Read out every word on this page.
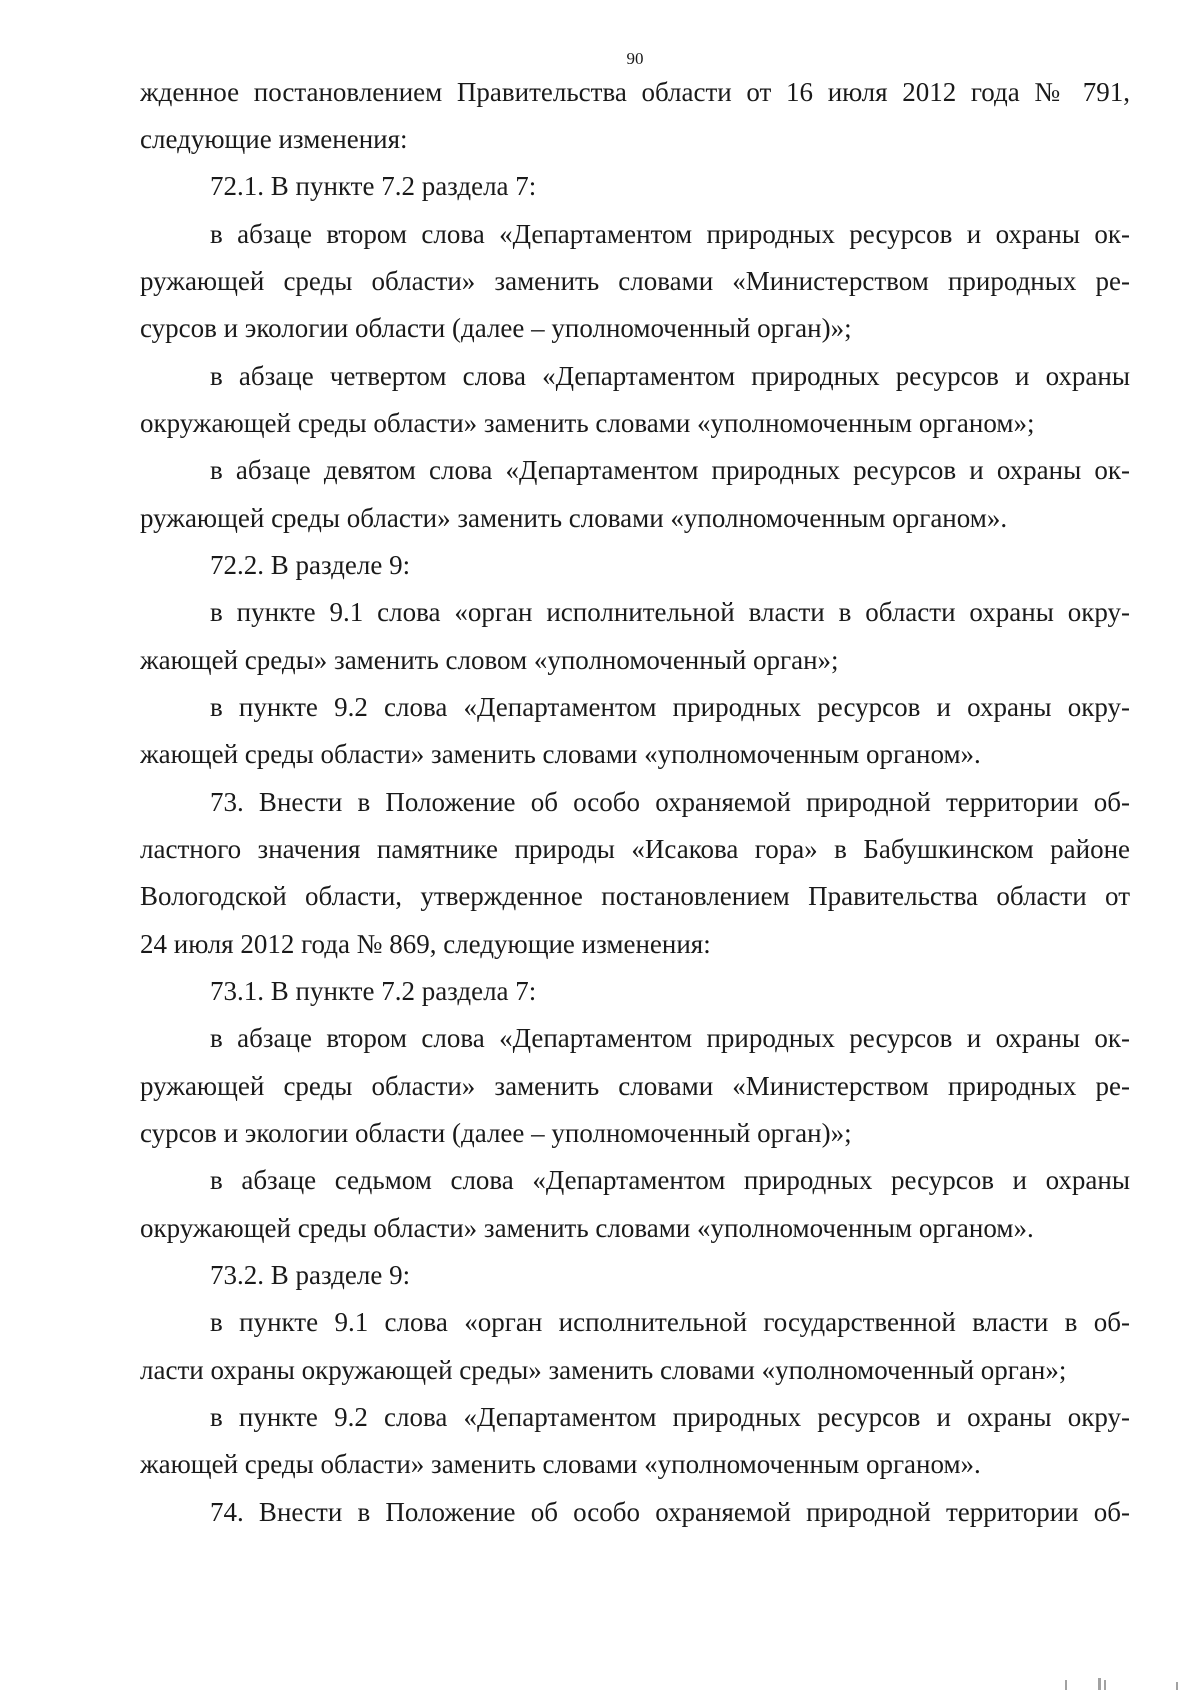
90
жденное постановлением Правительства области от 16 июля 2012 года № 791,
следующие изменения:
72.1. В пункте 7.2 раздела 7:
в абзаце втором слова «Департаментом природных ресурсов и охраны ок-
ружающей среды области» заменить словами «Министерством природных ре-
сурсов и экологии области (далее – уполномоченный орган)»;
в абзаце четвертом слова «Департаментом природных ресурсов и охраны
окружающей среды области» заменить словами «уполномоченным органом»;
в абзаце девятом слова «Департаментом природных ресурсов и охраны ок-
ружающей среды области» заменить словами «уполномоченным органом».
72.2. В разделе 9:
в пункте 9.1 слова «орган исполнительной власти в области охраны окру-
жающей среды» заменить словом «уполномоченный орган»;
в пункте 9.2 слова «Департаментом природных ресурсов и охраны окру-
жающей среды области» заменить словами «уполномоченным органом».
73. Внести в Положение об особо охраняемой природной территории об-
ластного значения памятнике природы «Исакова гора» в Бабушкинском районе
Вологодской области, утвержденное постановлением Правительства области от
24 июля 2012 года № 869, следующие изменения:
73.1. В пункте 7.2 раздела 7:
в абзаце втором слова «Департаментом природных ресурсов и охраны ок-
ружающей среды области» заменить словами «Министерством природных ре-
сурсов и экологии области (далее – уполномоченный орган)»;
в абзаце седьмом слова «Департаментом природных ресурсов и охраны
окружающей среды области» заменить словами «уполномоченным органом».
73.2. В разделе 9:
в пункте 9.1 слова «орган исполнительной государственной власти в об-
ласти охраны окружающей среды» заменить словами «уполномоченный орган»;
в пункте 9.2 слова «Департаментом природных ресурсов и охраны окру-
жающей среды области» заменить словами «уполномоченным органом».
74. Внести в Положение об особо охраняемой природной территории об-
